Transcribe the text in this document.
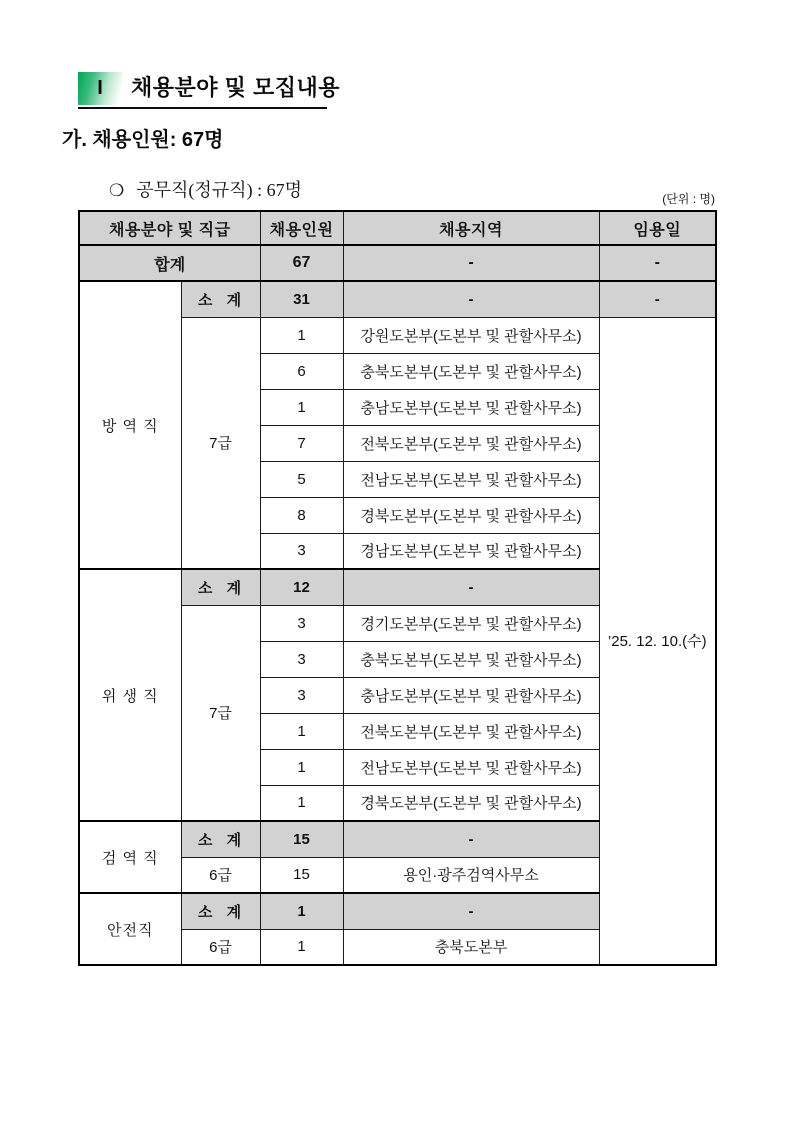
I 채용분야 및 모집내용
가. 채용인원: 67명

❍ 공무직(정규직) : 67명
	(단위 : 명)
채용분야 및 직급		채용인원	채용지역	임용일
합계		67	-	-
방 역 직	소  계	31	-	-
	7급	1	강원도본부(도본부 및 관할사무소)	’25. 12. 10.(수)
		6	충북도본부(도본부 및 관할사무소)	
		1	충남도본부(도본부 및 관할사무소)	
		7	전북도본부(도본부 및 관할사무소)	
		5	전남도본부(도본부 및 관할사무소)	
		8	경북도본부(도본부 및 관할사무소)	
		3	경남도본부(도본부 및 관할사무소)	
위 생 직	소  계	12	-	
	7급	3	경기도본부(도본부 및 관할사무소)	
		3	충북도본부(도본부 및 관할사무소)	
		3	충남도본부(도본부 및 관할사무소)	
		1	전북도본부(도본부 및 관할사무소)	
		1	전남도본부(도본부 및 관할사무소)	
		1	경북도본부(도본부 및 관할사무소)	
검 역 직	소  계	15	-	
	6급	15	용인·광주검역사무소	
안전직	소  계	1	-	
	6급	1	충북도본부	
